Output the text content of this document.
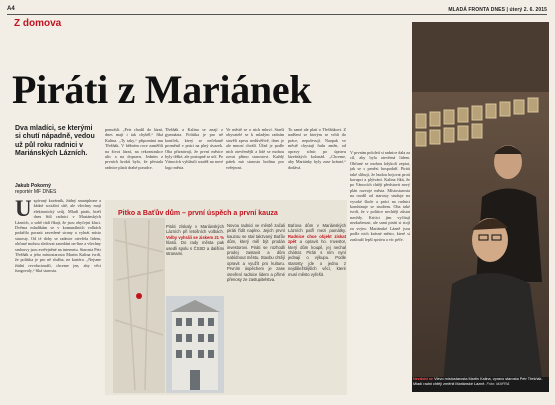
A4	MLADÁ FRONTA DNES | úterý 2. 6. 2015
Z domova
Piráti z Mariánek
Dva mladíci, se kterými si chutí nápadně, vedou už půl roku radnici v Mariánských Lázních.
Jakub Pokorný
reportér MF DNES
Uzpívaný kavárník, žádný smartphone a žádné sociální sítě, ale všechny mají elektronický svůj. Mladí piráti, kteří dnes řídí radnici v Mariánských Lázních, o sobě rádi říkají, že jsou obyčejní kluci. Dvěma mladíkům se v komunálních volbách podařilo porazit zavedené strany a vyhrát místo starosty. Od té doby se radnice otevřela lidem, občané mohou sledovat zasedání on-line a všechny smlouvy jsou zveřejněné na internetu. Starosta Petr Třešňák a jeho místostarosta Martin Kalina tvrdí, že politika je pro ně služba, ne kariéra. „Nejsme žádní revolucionáři, chceme jen, aby věci fungovaly,“ říká starosta.
pomohli. „Petr chodil do lázní, dnes mají i tak chyběl,“ říká Kalina. „Ty taky,“ připomíná mu Třešňák. V běžném roce zaměřili na život lázní, na rekonstrukce ulic a na dopravu. Jedním z prvních kroků bylo, že přestala radnice platit drahé poradce.
Třešňák a Kalina se znají z gymnázia. Politika je pro ně koníček, který se nečekaně proměnil v práci na plný úvazek. Oba přiznávají, že první měsíce byly těžké, ale postupně se učí. Po Vánocích vyhlásili soutěž na nové logo města.
Ve městě se o nich mluví. Starší obyvatelé se k mladým radním stavěli zprvu nedůvěřivě, dnes je ale mnozí chválí. Úřad je podle nich otevřenější a lidé se mohou ozvat přímo starostovi. Každý pátek má starosta hodinu pro veřejnost.
To samé ale platí o Třešňákovi. Z nadšení se kterým se vrhli do práce, nepolevují. Naopak ve městě chystají řadu změn, od opravy silnic po úpravu lázeňských kolonád. „Chceme, aby Mariánky byly zase krásné,“ dodává.
V prvním pololetí si radnice dala za cíl, aby byla otevřená lidem. Občané se mohou kdykoli zeptat, jak se s penězi hospodaří. Piráti také slibují, že budou bojovat proti korupci a plýtvání. Kalina říká, že po Vánocích chtějí představit nový plán rozvoje města. Místostarosta na rozdíl od starosty studuje na vysoké škole a práci na radnici kombinuje se studiem. Oba také tvrdí, že v politice nechtějí zůstat navždy. Kritici jim vyčítají nezkušenost, ale sami piráti si stojí za svým: Mariánské Lázně jsou podle nich krásné město, které si zaslouží lepší správu a víc péče.
Pitko a Baťův dům – první úspěch a první kauza
Piráti získaly v Mariánských Lázních při letošních volbách. Volby vyhráli se ziskem 21 % hlasů. Do rady města pak usedli spolu s ČSSD a dalšími stranami.
Novou radnici ve městě začali piráti řídit naplno. Jejich první kauzou se stal takzvaný Baťův dům, který měl být prodán investorovi. Piráti se rozhodli prodej zastavit a dům nabídnout městu. Stavbu chtějí opravit a využít pro kulturu. Prvním úspěchem je zase otevření radnice lidem a přímé přenosy ze zastupitelstva.
Baťova dům v Mariánských Lázních patří mezi památky. Radnice chce objekt získat zpět a opravit ho. Investor, který dům koupil, jej nechal chátrat. Piráti s ním nyní jednají o výkupu. Podle starosty jde o jednu z nejdůležitějších věcí, které musí město vyřešit.
Nezdobí se Vlevo místostarosta Martin Kalina, vpravo starosta Petr Třešňák. Mladí radní chtějí změnit Mariánské Lázně. Foto: MAFRA
